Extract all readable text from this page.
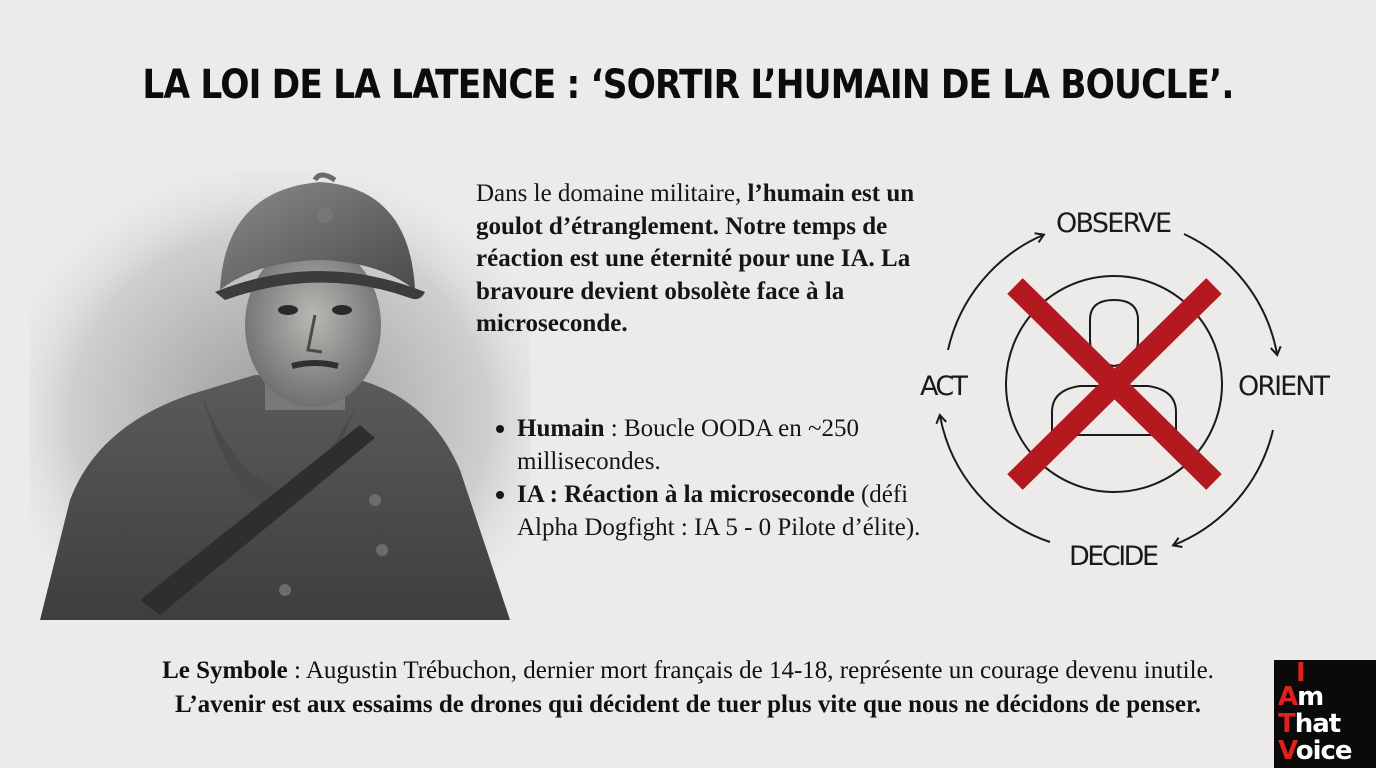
LA LOI DE LA LATENCE : ‘SORTIR L’HUMAIN DE LA BOUCLE’.
Dans le domaine militaire, l’humain est un goulot d’étranglement. Notre temps de réaction est une éternité pour une IA. La bravoure devient obsolète face à la microseconde.
Humain : Boucle OODA en ~250 millisecondes.
IA : Réaction à la microseconde (défi Alpha Dogfight : IA 5 - 0 Pilote d’élite).
OBSERVE
ORIENT
DECIDE
ACT
Le Symbole : Augustin Trébuchon, dernier mort français de 14-18, représente un courage devenu inutile.
L’avenir est aux essaims de drones qui décident de tuer plus vite que nous ne décidons de penser.
I
Am
That
Voice
